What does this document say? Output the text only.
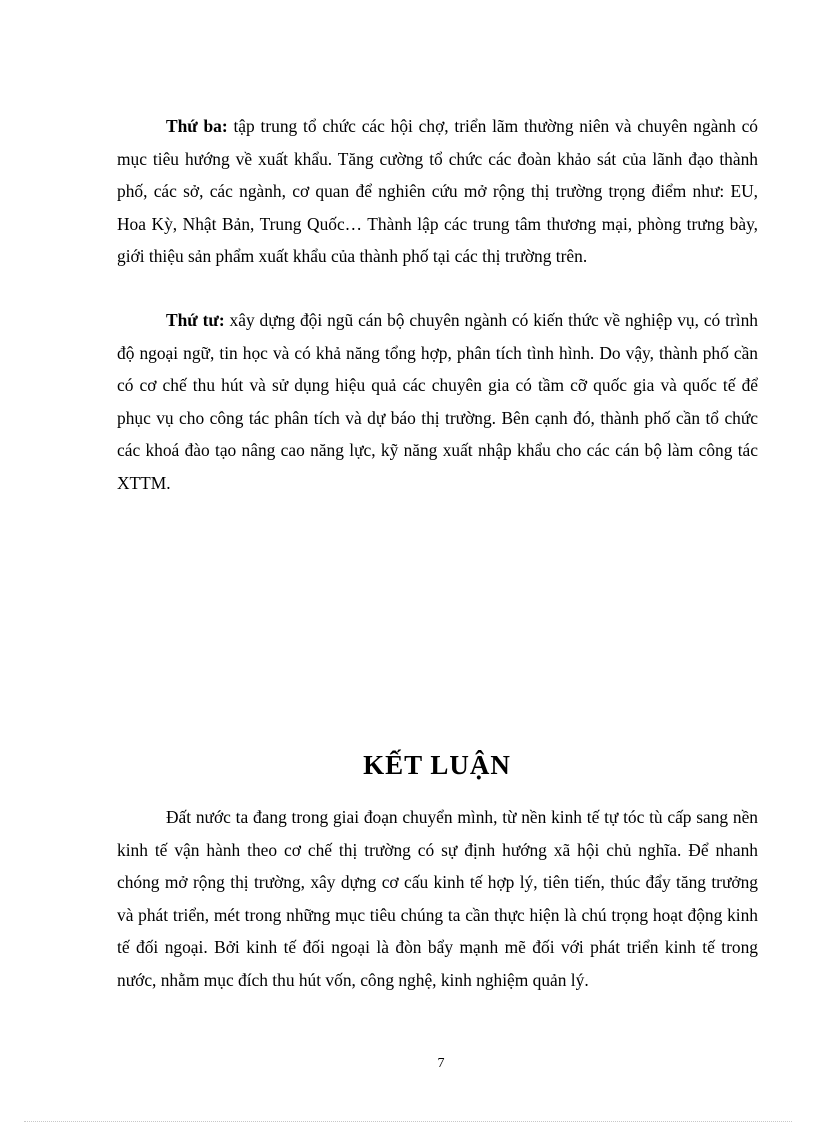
Thứ ba: tập trung tổ chức các hội chợ, triển lãm thường niên và chuyên ngành có mục tiêu hướng về xuất khẩu. Tăng cường tổ chức các đoàn khảo sát của lãnh đạo thành phố, các sở, các ngành, cơ quan để nghiên cứu mở rộng thị trường trọng điểm như: EU, Hoa Kỳ, Nhật Bản, Trung Quốc… Thành lập các trung tâm thương mại, phòng trưng bày, giới thiệu sản phẩm xuất khẩu của thành phố tại các thị trường trên.

Thứ tư: xây dựng đội ngũ cán bộ chuyên ngành có kiến thức về nghiệp vụ, có trình độ ngoại ngữ, tin học và có khả năng tổng hợp, phân tích tình hình. Do vậy, thành phố cần có cơ chế thu hút và sử dụng hiệu quả các chuyên gia có tầm cỡ quốc gia và quốc tế để phục vụ cho công tác phân tích và dự báo thị trường. Bên cạnh đó, thành phố cần tổ chức các khoá đào tạo nâng cao năng lực, kỹ năng xuất nhập khẩu cho các cán bộ làm công tác XTTM.

KẾT LUẬN

Đất nước ta đang trong giai đoạn chuyển mình, từ nền kinh tế tự tóc tù cấp sang nền kinh tế vận hành theo cơ chế thị trường có sự định hướng xã hội chủ nghĩa. Để nhanh chóng mở rộng thị trường, xây dựng cơ cấu kinh tế hợp lý, tiên tiến, thúc đẩy tăng trưởng và phát triển, mét trong những mục tiêu chúng ta cần thực hiện là chú trọng hoạt động kinh tế đối ngoại. Bởi kinh tế đối ngoại là đòn bẩy mạnh mẽ đối với phát triển kinh tế trong nước, nhằm mục đích thu hút vốn, công nghệ, kinh nghiệm quản lý.

7
